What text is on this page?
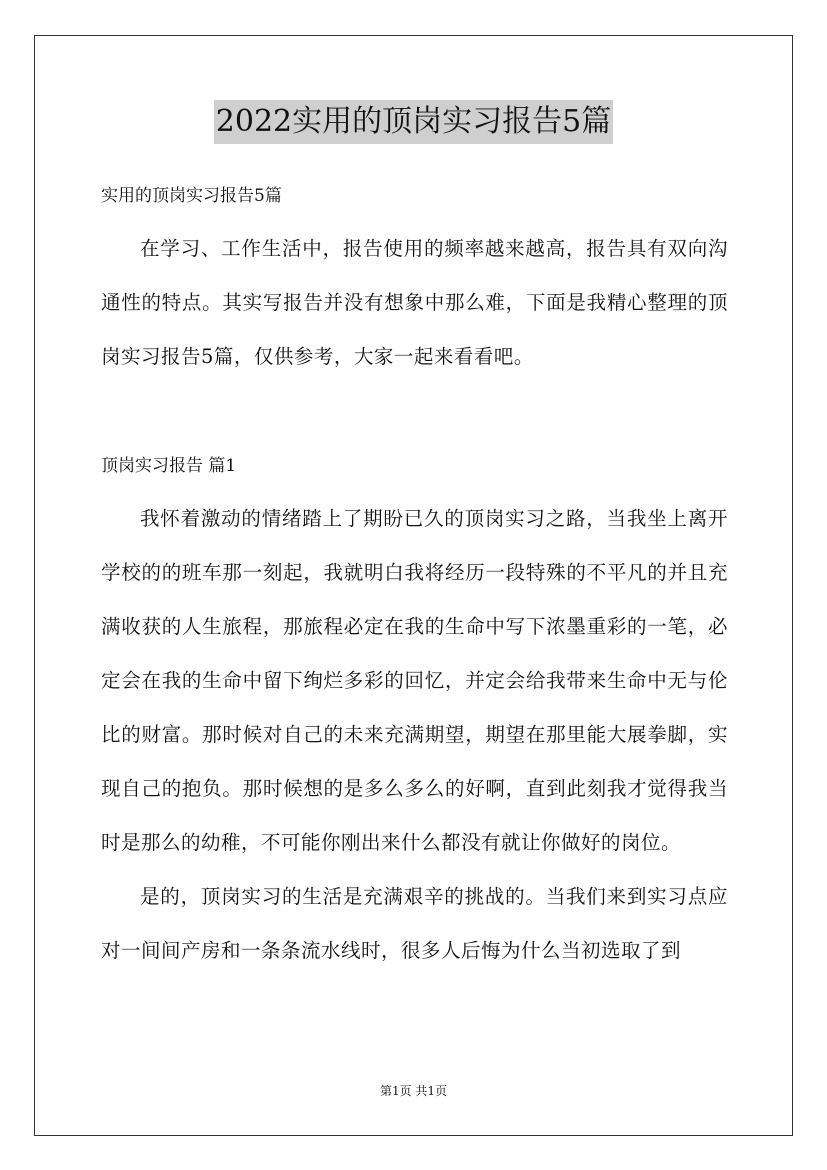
2022实用的顶岗实习报告5篇

实用的顶岗实习报告5篇

在学习、工作生活中，报告使用的频率越来越高，报告具有双向沟通性的特点。其实写报告并没有想象中那么难，下面是我精心整理的顶岗实习报告5篇，仅供参考，大家一起来看看吧。

顶岗实习报告 篇1

我怀着激动的情绪踏上了期盼已久的顶岗实习之路，当我坐上离开学校的的班车那一刻起，我就明白我将经历一段特殊的不平凡的并且充满收获的人生旅程，那旅程必定在我的生命中写下浓墨重彩的一笔，必定会在我的生命中留下绚烂多彩的回忆，并定会给我带来生命中无与伦比的财富。那时候对自己的未来充满期望，期望在那里能大展拳脚，实现自己的抱负。那时候想的是多么多么的好啊，直到此刻我才觉得我当时是那么的幼稚，不可能你刚出来什么都没有就让你做好的岗位。

是的，顶岗实习的生活是充满艰辛的挑战的。当我们来到实习点应对一间间产房和一条条流水线时，很多人后悔为什么当初选取了到

第1页 共1页
